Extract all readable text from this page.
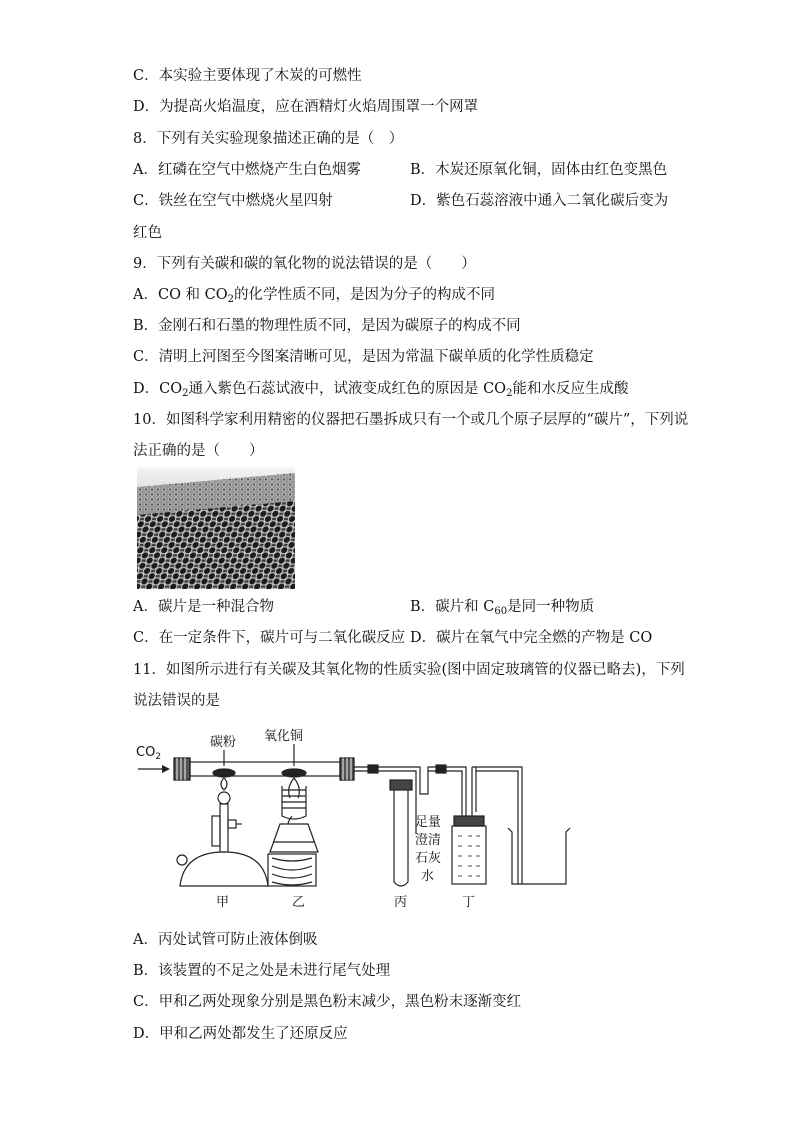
C．本实验主要体现了木炭的可燃性
D．为提高火焰温度，应在酒精灯火焰周围罩一个网罩
8．下列有关实验现象描述正确的是（　）
A．红磷在空气中燃烧产生白色烟雾	B．木炭还原氧化铜，固体由红色变黑色
C．铁丝在空气中燃烧火星四射	D．紫色石蕊溶液中通入二氧化碳后变为
红色
9．下列有关碳和碳的氧化物的说法错误的是（　　）
A．CO 和 $CO_2$的化学性质不同，是因为分子的构成不同
B．金刚石和石墨的物理性质不同，是因为碳原子的构成不同
C．清明上河图至今图案清晰可见，是因为常温下碳单质的化学性质稳定
D．$CO_2$通入紫色石蕊试液中，试液变成红色的原因是 $CO_2$能和水反应生成酸
10．如图科学家利用精密的仪器把石墨拆成只有一个或几个原子层厚的“碳片”，下列说
法正确的是（　　）
A．碳片是一种混合物	B．碳片和 $C_{60}$是同一种物质
C．在一定条件下，碳片可与二氧化碳反应 D．碳片在氧气中完全燃的产物是 CO
11．如图所示进行有关碳及其氧化物的性质实验(图中固定玻璃管的仪器已略去)，下列
说法错误的是
$CO_2$
碳粉 氧化铜
足 量 澄 清 石 灰 水
甲	乙	丙	丁
A．丙处试管可防止液体倒吸
B．该装置的不足之处是未进行尾气处理
C．甲和乙两处现象分别是黑色粉末减少，黑色粉末逐渐变红
D．甲和乙两处都发生了还原反应
